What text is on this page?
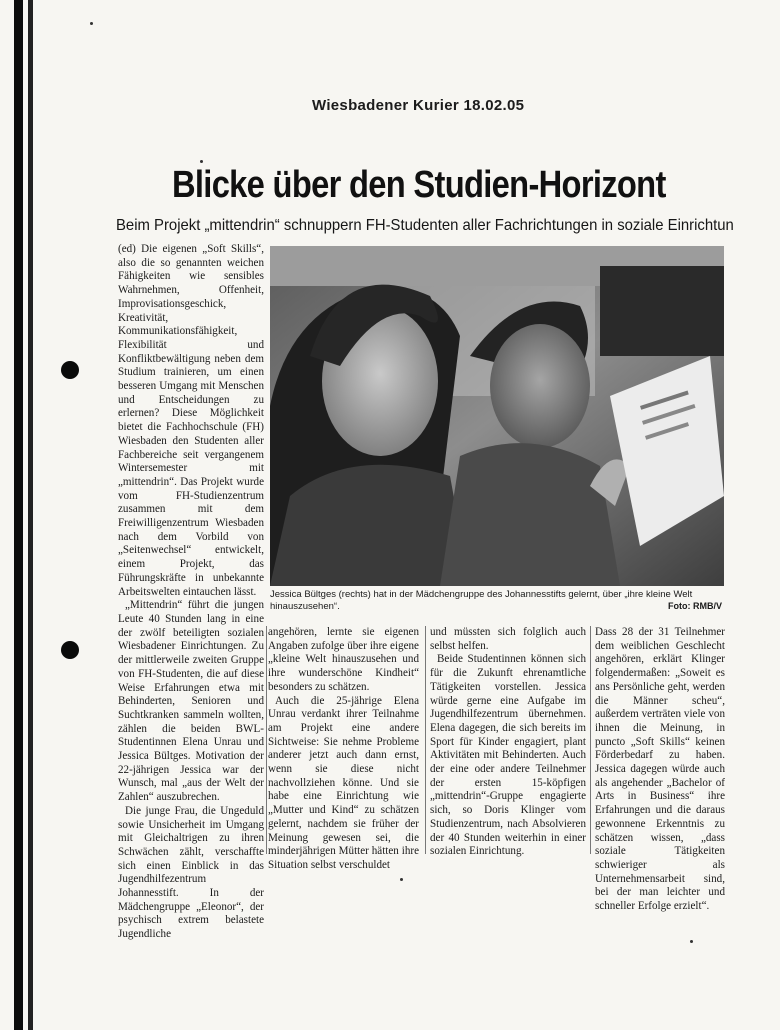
Wiesbadener Kurier 18.02.05
Blicke über den Studien-Horizont
Beim Projekt „mittendrin“ schnuppern FH-Studenten aller Fachrichtungen in soziale Einrichtun

(ed) Die eigenen „Soft Skills“, also die so genannten weichen Fähigkeiten wie sensibles Wahrnehmen, Offenheit, Improvisationsgeschick, Kreativität, Kommunikationsfähigkeit, Flexibilität und Konfliktbewältigung neben dem Studium trainieren, um einen besseren Umgang mit Menschen und Entscheidungen zu erlernen? Diese Möglichkeit bietet die Fachhochschule (FH) Wiesbaden den Studenten aller Fachbereiche seit vergangenem Wintersemester mit „mittendrin“. Das Projekt wurde vom FH-Studienzentrum zusammen mit dem Freiwilligenzentrum Wiesbaden nach dem Vorbild von „Seitenwechsel“ entwickelt, einem Projekt, das Führungskräfte in unbekannte Arbeitswelten eintauchen lässt.

„Mittendrin“ führt die jungen Leute 40 Stunden lang in eine der zwölf beteiligten sozialen Wiesbadener Einrichtungen. Zu der mittlerweile zweiten Gruppe von FH-Studenten, die auf diese Weise Erfahrungen etwa mit Behinderten, Senioren und Suchtkranken sammeln wollten, zählen die beiden BWL-Studentinnen Elena Unrau und Jessica Bültges. Motivation der 22-jährigen Jessica war der Wunsch, mal „aus der Welt der Zahlen“ auszubrechen.

Die junge Frau, die Ungeduld sowie Unsicherheit im Umgang mit Gleichaltrigen zu ihren Schwächen zählt, verschaffte sich einen Einblick in das Jugendhilfezentrum Johannesstift. In der Mädchengruppe „Eleonor“, der psychisch extrem belastete Jugendliche

Jessica Bültges (rechts) hat in der Mädchengruppe des Johannesstifts gelernt, über „ihre kleine Welt hinauszusehen“.	Foto: RMB/V

angehören, lernte sie eigenen Angaben zufolge über ihre eigene „kleine Welt hinauszusehen und ihre wunderschöne Kindheit“ besonders zu schätzen.

Auch die 25-jährige Elena Unrau verdankt ihrer Teilnahme am Projekt eine andere Sichtweise: Sie nehme Probleme anderer jetzt auch dann ernst, wenn sie diese nicht nachvollziehen könne. Und sie habe eine Einrichtung wie „Mutter und Kind“ zu schätzen gelernt, nachdem sie früher der Meinung gewesen sei, die minderjährigen Mütter hätten ihre Situation selbst verschuldet

und müssten sich folglich auch selbst helfen.

Beide Studentinnen können sich für die Zukunft ehrenamtliche Tätigkeiten vorstellen. Jessica würde gerne eine Aufgabe im Jugendhilfezentrum übernehmen. Elena dagegen, die sich bereits im Sport für Kinder engagiert, plant Aktivitäten mit Behinderten. Auch der eine oder andere Teilnehmer der ersten 15-köpfigen „mittendrin“-Gruppe engagierte sich, so Doris Klinger vom Studienzentrum, nach Absolvieren der 40 Stunden weiterhin in einer sozialen Einrichtung.

Dass 28 der 31 Teilnehmer dem weiblichen Geschlecht angehören, erklärt Klinger folgendermaßen: „Soweit es ans Persönliche geht, werden die Männer scheu“, außerdem verträten viele von ihnen die Meinung, in puncto „Soft Skills“ keinen Förderbedarf zu haben. Jessica dagegen würde auch als angehender „Bachelor of Arts in Business“ ihre Erfahrungen und die daraus gewonnene Erkenntnis zu schätzen wissen, „dass soziale Tätigkeiten schwieriger als Unternehmensarbeit sind, bei der man leichter und schneller Erfolge erzielt“.
